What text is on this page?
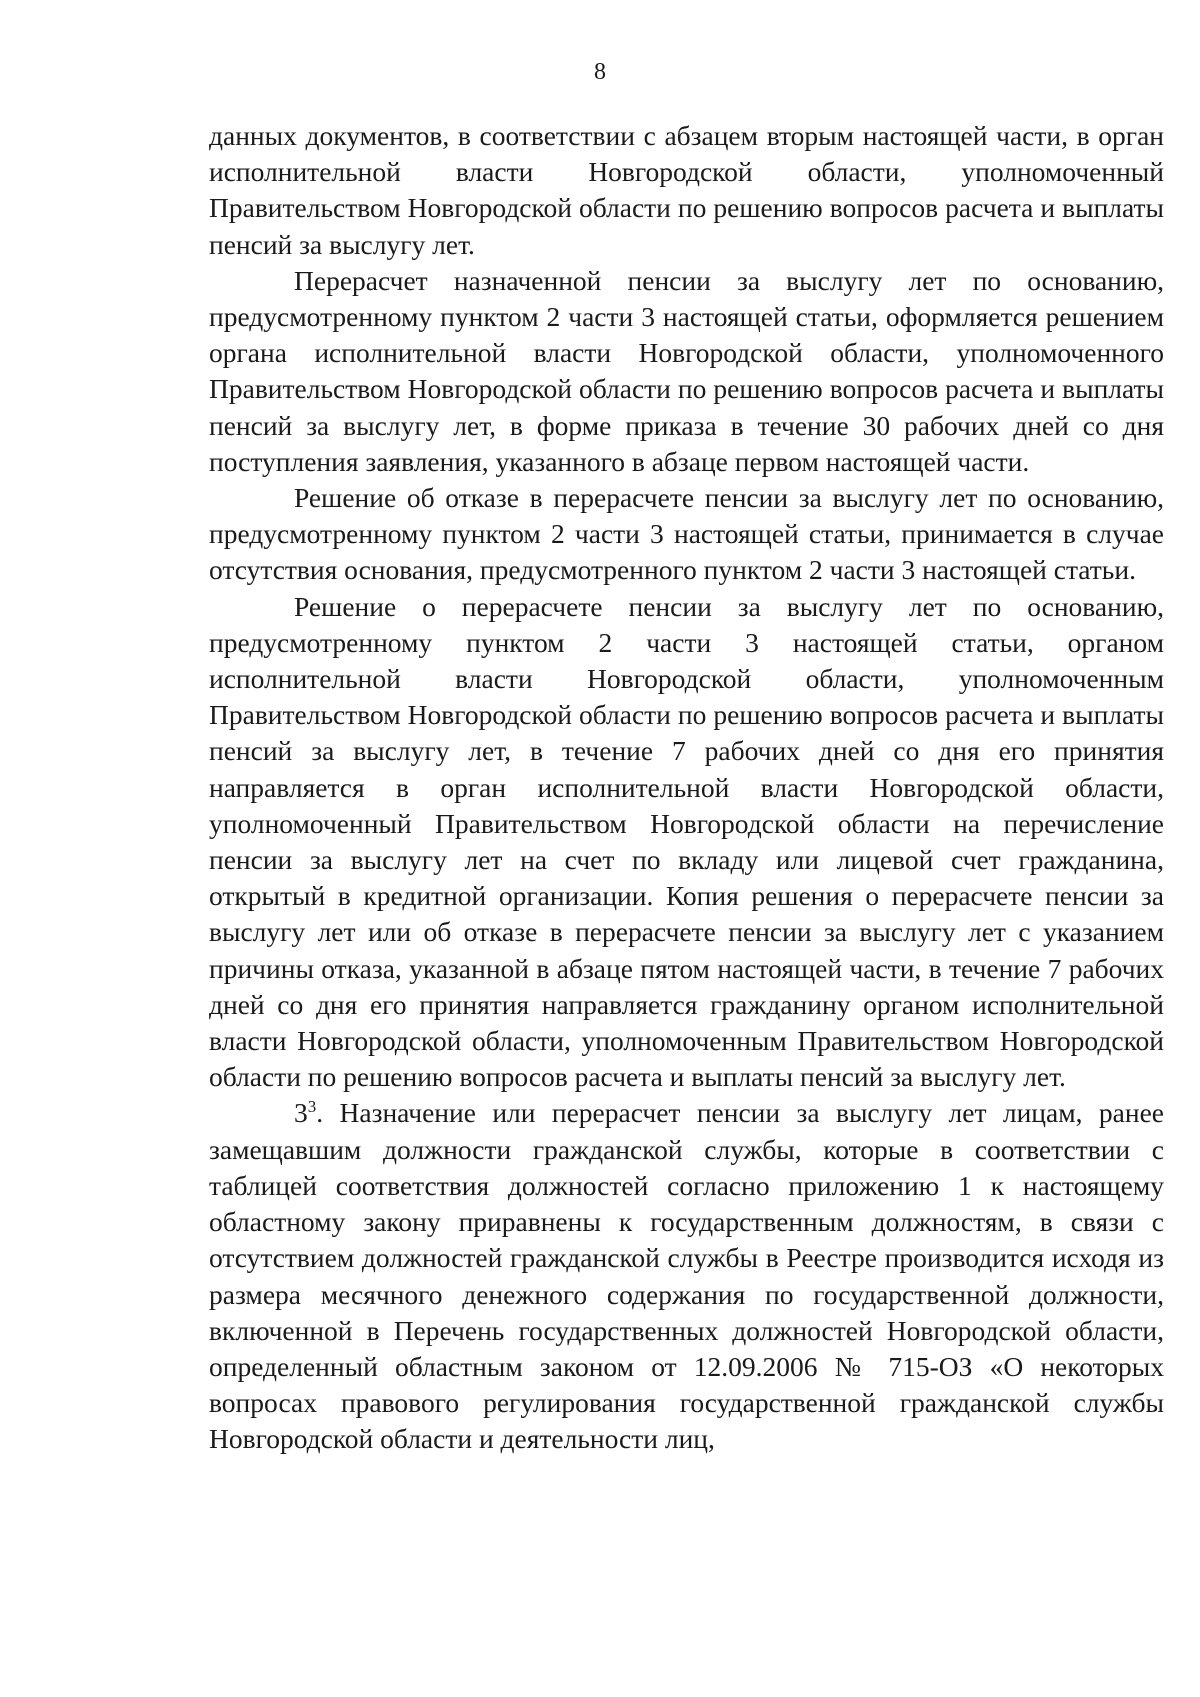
8

данных документов, в соответствии с абзацем вторым настоящей части, в орган исполнительной власти Новгородской области, уполномоченный Правительством Новгородской области по решению вопросов расчета и выплаты пенсий за выслугу лет.

Перерасчет назначенной пенсии за выслугу лет по основанию, предусмотренному пунктом 2 части 3 настоящей статьи, оформляется решением органа исполнительной власти Новгородской области, уполномоченного Правительством Новгородской области по решению вопросов расчета и выплаты пенсий за выслугу лет, в форме приказа в течение 30 рабочих дней со дня поступления заявления, указанного в абзаце первом настоящей части.

Решение об отказе в перерасчете пенсии за выслугу лет по основанию, предусмотренному пунктом 2 части 3 настоящей статьи, принимается в случае отсутствия основания, предусмотренного пунктом 2 части 3 настоящей статьи.

Решение о перерасчете пенсии за выслугу лет по основанию, предусмотренному пунктом 2 части 3 настоящей статьи, органом исполнительной власти Новгородской области, уполномоченным Правительством Новгородской области по решению вопросов расчета и выплаты пенсий за выслугу лет, в течение 7 рабочих дней со дня его принятия направляется в орган исполнительной власти Новгородской области, уполномоченный Правительством Новгородской области на перечисление пенсии за выслугу лет на счет по вкладу или лицевой счет гражданина, открытый в кредитной организации. Копия решения о перерасчете пенсии за выслугу лет или об отказе в перерасчете пенсии за выслугу лет с указанием причины отказа, указанной в абзаце пятом настоящей части, в течение 7 рабочих дней со дня его принятия направляется гражданину органом исполнительной власти Новгородской области, уполномоченным Правительством Новгородской области по решению вопросов расчета и выплаты пенсий за выслугу лет.

$3^3$. Назначение или перерасчет пенсии за выслугу лет лицам, ранее замещавшим должности гражданской службы, которые в соответствии с таблицей соответствия должностей согласно приложению 1 к настоящему областному закону приравнены к государственным должностям, в связи с отсутствием должностей гражданской службы в Реестре производится исходя из размера месячного денежного содержания по государственной должности, включенной в Перечень государственных должностей Новгородской области, определенный областным законом от 12.09.2006 № 715-ОЗ «О некоторых вопросах правового регулирования государственной гражданской службы Новгородской области и деятельности лиц,
